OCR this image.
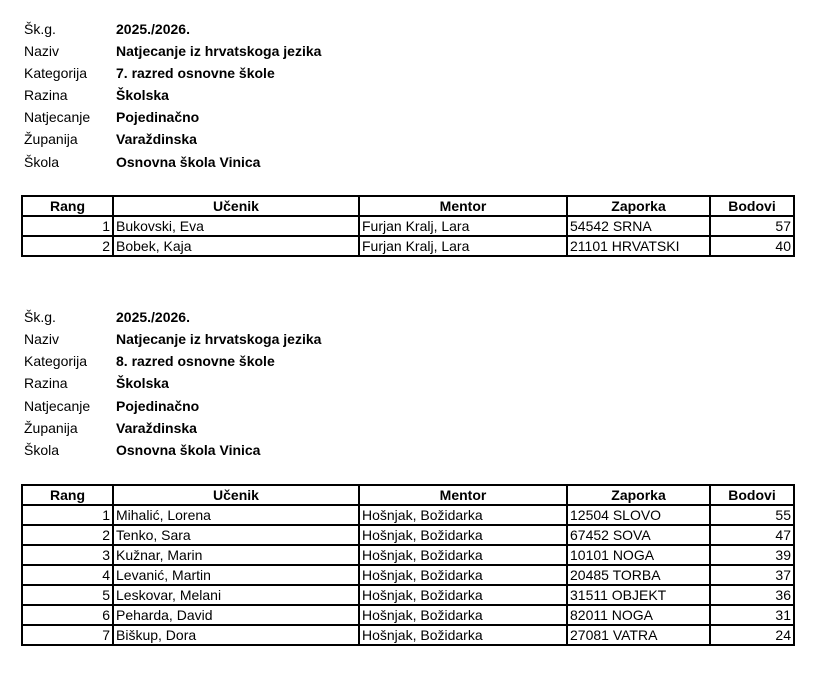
Šk.g.	2025./2026.
Naziv	Natjecanje iz hrvatskoga jezika
Kategorija	7. razred osnovne škole
Razina	Školska
Natjecanje	Pojedinačno
Županija	Varaždinska
Škola	Osnovna škola Vinica
Rang	Učenik	Mentor	Zaporka	Bodovi
1	Bukovski, Eva	Furjan Kralj, Lara	54542 SRNA	57
2	Bobek, Kaja	Furjan Kralj, Lara	21101 HRVATSKI	40
Šk.g.	2025./2026.
Naziv	Natjecanje iz hrvatskoga jezika
Kategorija	8. razred osnovne škole
Razina	Školska
Natjecanje	Pojedinačno
Županija	Varaždinska
Škola	Osnovna škola Vinica
Rang	Učenik	Mentor	Zaporka	Bodovi
1	Mihalić, Lorena	Hošnjak, Božidarka	12504 SLOVO	55
2	Tenko, Sara	Hošnjak, Božidarka	67452 SOVA	47
3	Kužnar, Marin	Hošnjak, Božidarka	10101 NOGA	39
4	Levanić, Martin	Hošnjak, Božidarka	20485 TORBA	37
5	Leskovar, Melani	Hošnjak, Božidarka	31511 OBJEKT	36
6	Peharda, David	Hošnjak, Božidarka	82011 NOGA	31
7	Biškup, Dora	Hošnjak, Božidarka	27081 VATRA	24
